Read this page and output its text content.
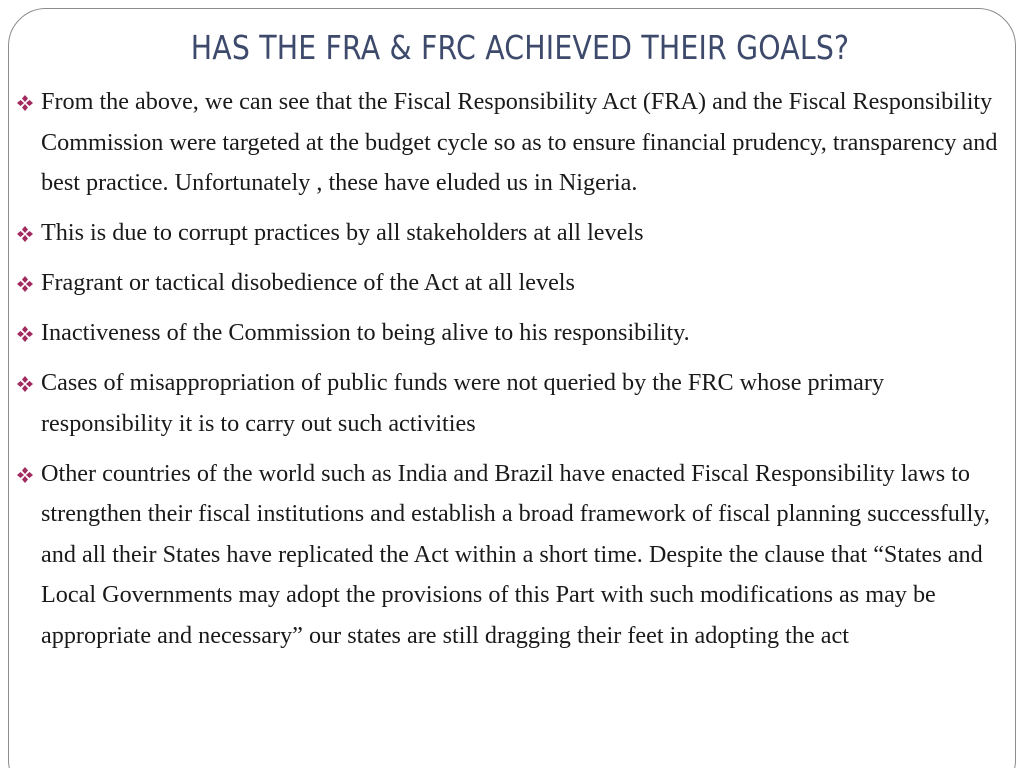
HAS THE FRA & FRC ACHIEVED THEIR GOALS?
From the above, we can see that the Fiscal Responsibility Act (FRA) and the Fiscal Responsibility Commission were targeted at the budget cycle so as to ensure financial prudency, transparency and best practice. Unfortunately , these have eluded us in Nigeria.
This is due to corrupt practices by all stakeholders at all levels
Fragrant or tactical disobedience of the Act at all levels
Inactiveness of the Commission to being alive to his responsibility.
Cases of misappropriation of public funds were not queried by the FRC whose primary responsibility it is to carry out such activities
Other countries of the world such as India and Brazil have enacted Fiscal Responsibility laws to strengthen their fiscal institutions and establish a broad framework of fiscal planning successfully, and all their States have replicated the Act within a short time. Despite the clause that “States and Local Governments may adopt the provisions of this Part with such modifications as may be appropriate and necessary” our states are still dragging their feet in adopting the act
